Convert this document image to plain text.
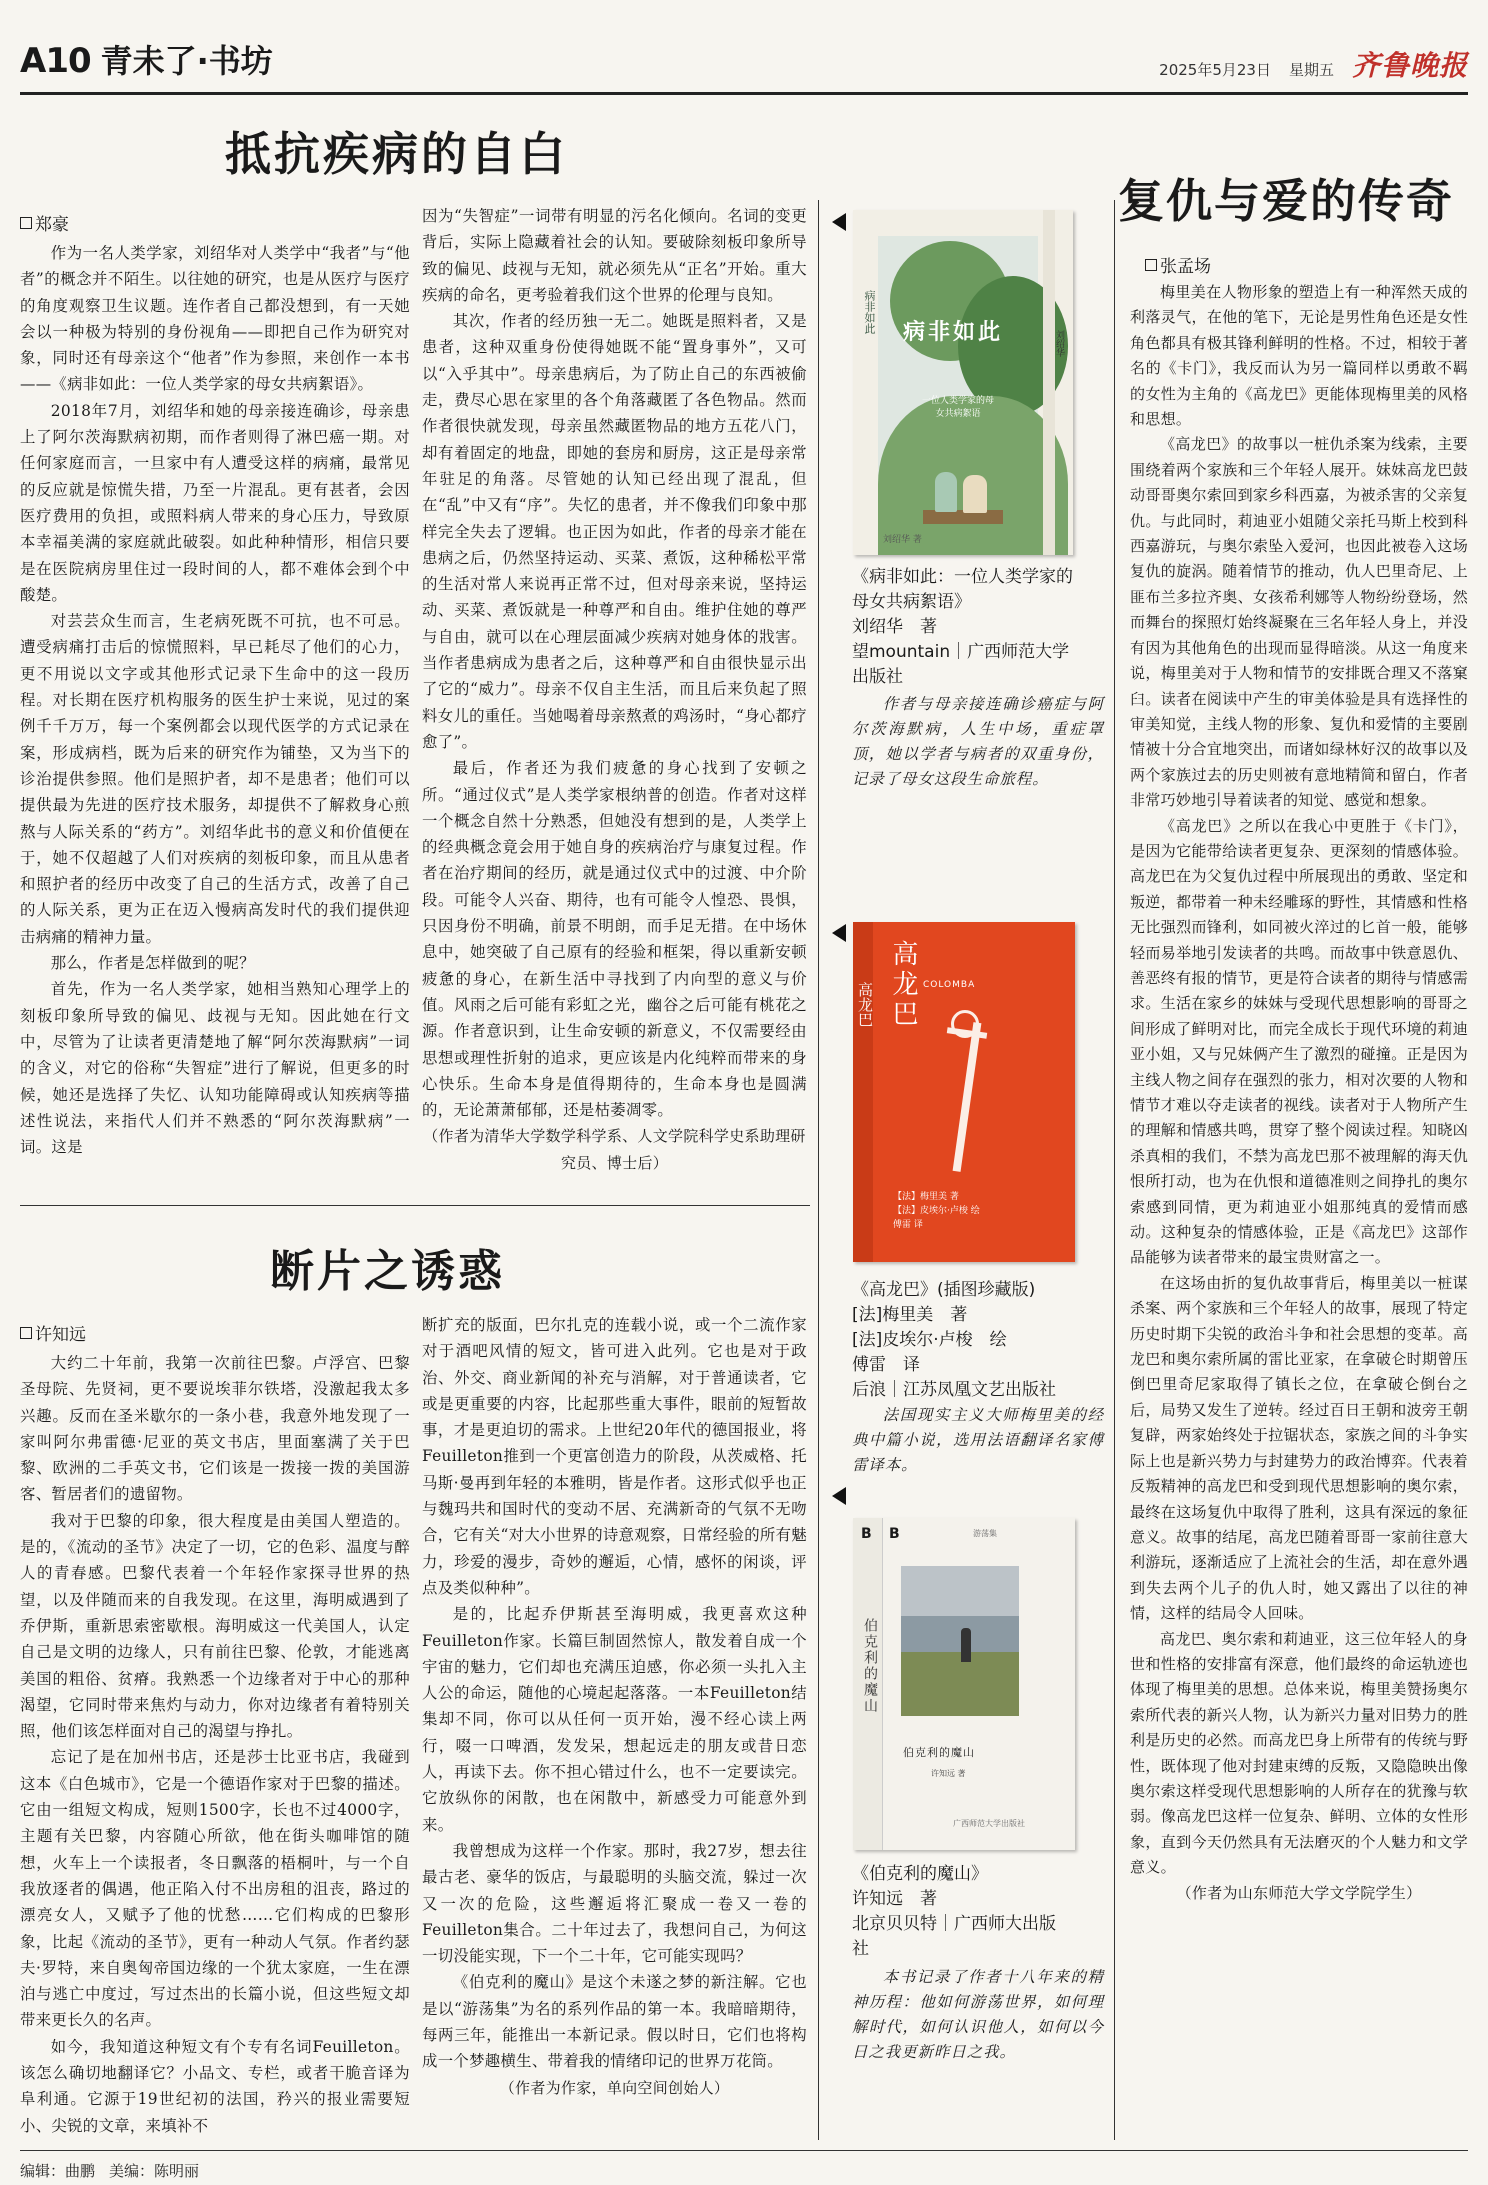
A10 青未了·书坊	2025年5月23日 星期五 齐鲁晚报
抵抗疾病的自白
郑豪

作为一名人类学家，刘绍华对人类学中“我者”与“他者”的概念并不陌生。以往她的研究，也是从医疗与医疗的角度观察卫生议题。连作者自己都没想到，有一天她会以一种极为特别的身份视角——即把自己作为研究对象，同时还有母亲这个“他者”作为参照，来创作一本书——《病非如此：一位人类学家的母女共病絮语》。

2018年7月，刘绍华和她的母亲接连确诊，母亲患上了阿尔茨海默病初期，而作者则得了淋巴癌一期。对任何家庭而言，一旦家中有人遭受这样的病痛，最常见的反应就是惊慌失措，乃至一片混乱。更有甚者，会因医疗费用的负担，或照料病人带来的身心压力，导致原本幸福美满的家庭就此破裂。如此种种情形，相信只要是在医院病房里住过一段时间的人，都不难体会到个中酸楚。

对芸芸众生而言，生老病死既不可抗，也不可忌。遭受病痛打击后的惊慌照料，早已耗尽了他们的心力，更不用说以文字或其他形式记录下生命中的这一段历程。对长期在医疗机构服务的医生护士来说，见过的案例千千万万，每一个案例都会以现代医学的方式记录在案，形成病档，既为后来的研究作为铺垫，又为当下的诊治提供参照。他们是照护者，却不是患者；他们可以提供最为先进的医疗技术服务，却提供不了解救身心煎熬与人际关系的“药方”。刘绍华此书的意义和价值便在于，她不仅超越了人们对疾病的刻板印象，而且从患者和照护者的经历中改变了自己的生活方式，改善了自己的人际关系，更为正在迈入慢病高发时代的我们提供迎击病痛的精神力量。

那么，作者是怎样做到的呢？

首先，作为一名人类学家，她相当熟知心理学上的刻板印象所导致的偏见、歧视与无知。因此她在行文中，尽管为了让读者更清楚地了解“阿尔茨海默病”一词的含义，对它的俗称“失智症”进行了解说，但更多的时候，她还是选择了失忆、认知功能障碍或认知疾病等描述性说法，来指代人们并不熟悉的“阿尔茨海默病”一词。这是

因为“失智症”一词带有明显的污名化倾向。名词的变更背后，实际上隐藏着社会的认知。要破除刻板印象所导致的偏见、歧视与无知，就必须先从“正名”开始。重大疾病的命名，更考验着我们这个世界的伦理与良知。

其次，作者的经历独一无二。她既是照料者，又是患者，这种双重身份使得她既不能“置身事外”，又可以“入乎其中”。母亲患病后，为了防止自己的东西被偷走，费尽心思在家里的各个角落藏匿了各色物品。然而作者很快就发现，母亲虽然藏匿物品的地方五花八门，却有着固定的地盘，即她的套房和厨房，这正是母亲常年驻足的角落。尽管她的认知已经出现了混乱，但在“乱”中又有“序”。失忆的患者，并不像我们印象中那样完全失去了逻辑。也正因为如此，作者的母亲才能在患病之后，仍然坚持运动、买菜、煮饭，这种稀松平常的生活对常人来说再正常不过，但对母亲来说，坚持运动、买菜、煮饭就是一种尊严和自由。维护住她的尊严与自由，就可以在心理层面减少疾病对她身体的戕害。当作者患病成为患者之后，这种尊严和自由很快显示出了它的“威力”。母亲不仅自主生活，而且后来负起了照料女儿的重任。当她喝着母亲熬煮的鸡汤时，“身心都疗愈了”。

最后，作者还为我们疲惫的身心找到了安顿之所。“通过仪式”是人类学家根纳普的创造。作者对这样一个概念自然十分熟悉，但她没有想到的是，人类学上的经典概念竟会用于她自身的疾病治疗与康复过程。作者在治疗期间的经历，就是通过仪式中的过渡、中介阶段。可能令人兴奋、期待，也有可能令人惶恐、畏惧，只因身份不明确，前景不明朗，而手足无措。在中场休息中，她突破了自己原有的经验和框架，得以重新安顿疲惫的身心，在新生活中寻找到了内向型的意义与价值。风雨之后可能有彩虹之光，幽谷之后可能有桃花之源。作者意识到，让生命安顿的新意义，不仅需要经由思想或理性折射的追求，更应该是内化纯粹而带来的身心快乐。生命本身是值得期待的，生命本身也是圆满的，无论萧萧郁郁，还是枯萎凋零。

（作者为清华大学数学科学系、人文学院科学史系助理研究员、博士后）

断片之诱惑
许知远

大约二十年前，我第一次前往巴黎。卢浮宫、巴黎圣母院、先贤祠，更不要说埃菲尔铁塔，没激起我太多兴趣。反而在圣米歇尔的一条小巷，我意外地发现了一家叫阿尔弗雷德·尼亚的英文书店，里面塞满了关于巴黎、欧洲的二手英文书，它们该是一拨接一拨的美国游客、暂居者们的遗留物。

我对于巴黎的印象，很大程度是由美国人塑造的。是的，《流动的圣节》决定了一切，它的色彩、温度与醉人的青春感。巴黎代表着一个年轻作家探寻世界的热望，以及伴随而来的自我发现。在这里，海明威遇到了乔伊斯，重新思索密歇根。海明威这一代美国人，认定自己是文明的边缘人，只有前往巴黎、伦敦，才能逃离美国的粗俗、贫瘠。我熟悉一个边缘者对于中心的那种渴望，它同时带来焦灼与动力，你对边缘者有着特别关照，他们该怎样面对自己的渴望与挣扎。

忘记了是在加州书店，还是莎士比亚书店，我碰到这本《白色城市》，它是一个德语作家对于巴黎的描述。它由一组短文构成，短则1500字，长也不过4000字，主题有关巴黎，内容随心所欲，他在街头咖啡馆的随想，火车上一个读报者，冬日飘落的梧桐叶，与一个自我放逐者的偶遇，他正陷入付不出房租的沮丧，路过的漂亮女人，又赋予了他的忧愁……它们构成的巴黎形象，比起《流动的圣节》，更有一种动人气氛。作者约瑟夫·罗特，来自奥匈帝国边缘的一个犹太家庭，一生在漂泊与逃亡中度过，写过杰出的长篇小说，但这些短文却带来更长久的名声。

如今，我知道这种短文有个专有名词Feuilleton。该怎么确切地翻译它？小品文、专栏，或者干脆音译为阜利通。它源于19世纪初的法国，矜兴的报业需要短小、尖锐的文章，来填补不

断扩充的版面，巴尔扎克的连载小说，或一个二流作家对于酒吧风情的短文，皆可进入此列。它也是对于政治、外交、商业新闻的补充与消解，对于普通读者，它或是更重要的内容，比起那些重大事件，眼前的短暂故事，才是更迫切的需求。上世纪20年代的德国报业，将Feuilleton推到一个更富创造力的阶段，从茨威格、托马斯·曼再到年轻的本雅明，皆是作者。这形式似乎也正与魏玛共和国时代的变动不居、充满新奇的气氛不无吻合，它有关“对大小世界的诗意观察，日常经验的所有魅力，珍爱的漫步，奇妙的邂逅，心情，感怀的闲谈，评点及类似种种”。

是的，比起乔伊斯甚至海明威，我更喜欢这种Feuilleton作家。长篇巨制固然惊人，散发着自成一个宇宙的魅力，它们却也充满压迫感，你必须一头扎入主人公的命运，随他的心境起起落落。一本Feuilleton结集却不同，你可以从任何一页开始，漫不经心读上两行，啜一口啤酒，发发呆，想起远走的朋友或昔日恋人，再读下去。你不担心错过什么，也不一定要读完。它放纵你的闲散，也在闲散中，新感受力可能意外到来。

我曾想成为这样一个作家。那时，我27岁，想去往最古老、豪华的饭店，与最聪明的头脑交流，躲过一次又一次的危险，这些邂逅将汇聚成一卷又一卷的Feuilleton集合。二十年过去了，我想问自己，为何这一切没能实现，下一个二十年，它可能实现吗？

《伯克利的魔山》是这个未遂之梦的新注解。它也是以“游荡集”为名的系列作品的第一本。我暗暗期待，每两三年，能推出一本新记录。假以时日，它们也将构成一个梦趣横生、带着我的情绪印记的世界万花筒。

（作者为作家，单向空间创始人）

病非如此
一位人类学家的母女共病絮语
病非如此
刘绍华
刘绍华 著
《病非如此：一位人类学家的
母女共病絮语》
刘绍华　著
望mountain｜广西师范大学
出版社

作者与母亲接连确诊癌症与阿尔茨海默病，人生中场，重症罩顶，她以学者与病者的双重身份，记录了母女这段生命旅程。

高龙巴 高龙巴 COLOMBA
【法】梅里美 著
【法】皮埃尔·卢梭 绘
傅雷 译
《高龙巴》(插图珍藏版)
[法]梅里美　著
[法]皮埃尔·卢梭　绘
傅雷　译
后浪｜江苏凤凰文艺出版社

法国现实主义大师梅里美的经典中篇小说，选用法语翻译名家傅雷译本。

B B
伯克利的魔山
游荡集
伯克利的魔山
许知远 著
广西师范大学出版社
《伯克利的魔山》
许知远　著
北京贝贝特｜广西师大出版
社

本书记录了作者十八年来的精神历程：他如何游荡世界，如何理解时代，如何认识他人，如何以今日之我更新昨日之我。

复仇与爱的传奇
张孟场

梅里美在人物形象的塑造上有一种浑然天成的利落灵气，在他的笔下，无论是男性角色还是女性角色都具有极其锋利鲜明的性格。不过，相较于著名的《卡门》，我反而认为另一篇同样以勇敢不羁的女性为主角的《高龙巴》更能体现梅里美的风格和思想。

《高龙巴》的故事以一桩仇杀案为线索，主要围绕着两个家族和三个年轻人展开。妹妹高龙巴鼓动哥哥奥尔索回到家乡科西嘉，为被杀害的父亲复仇。与此同时，莉迪亚小姐随父亲托马斯上校到科西嘉游玩，与奥尔索坠入爱河，也因此被卷入这场复仇的旋涡。随着情节的推动，仇人巴里奇尼、上匪布兰多拉齐奥、女孩希利娜等人物纷纷登场，然而舞台的探照灯始终凝聚在三名年轻人身上，并没有因为其他角色的出现而显得暗淡。从这一角度来说，梅里美对于人物和情节的安排既合理又不落窠臼。读者在阅读中产生的审美体验是具有选择性的审美知觉，主线人物的形象、复仇和爱情的主要剧情被十分合宜地突出，而诸如绿林好汉的故事以及两个家族过去的历史则被有意地精简和留白，作者非常巧妙地引导着读者的知觉、感觉和想象。

《高龙巴》之所以在我心中更胜于《卡门》，是因为它能带给读者更复杂、更深刻的情感体验。高龙巴在为父复仇过程中所展现出的勇敢、坚定和叛逆，都带着一种未经雕琢的野性，其情感和性格无比强烈而锋利，如同被火淬过的匕首一般，能够轻而易举地引发读者的共鸣。而故事中铁意恩仇、善恶终有报的情节，更是符合读者的期待与情感需求。生活在家乡的妹妹与受现代思想影响的哥哥之间形成了鲜明对比，而完全成长于现代环境的莉迪亚小姐，又与兄妹俩产生了激烈的碰撞。正是因为主线人物之间存在强烈的张力，相对次要的人物和情节才难以夺走读者的视线。读者对于人物所产生的理解和情感共鸣，贯穿了整个阅读过程。知晓凶杀真相的我们，不禁为高龙巴那不被理解的海天仇恨所打动，也为在仇恨和道德准则之间挣扎的奥尔索感到同情，更为莉迪亚小姐那纯真的爱情而感动。这种复杂的情感体验，正是《高龙巴》这部作品能够为读者带来的最宝贵财富之一。

在这场由折的复仇故事背后，梅里美以一桩谋杀案、两个家族和三个年轻人的故事，展现了特定历史时期下尖锐的政治斗争和社会思想的变革。高龙巴和奥尔索所属的雷比亚家，在拿破仑时期曾压倒巴里奇尼家取得了镇长之位，在拿破仑倒台之后，局势又发生了逆转。经过百日王朝和波旁王朝复辟，两家始终处于拉锯状态，家族之间的斗争实际上也是新兴势力与封建势力的政治博弈。代表着反叛精神的高龙巴和受到现代思想影响的奥尔索，最终在这场复仇中取得了胜利，这具有深远的象征意义。故事的结尾，高龙巴随着哥哥一家前往意大利游玩，逐渐适应了上流社会的生活，却在意外遇到失去两个儿子的仇人时，她又露出了以往的神情，这样的结局令人回味。

高龙巴、奥尔索和莉迪亚，这三位年轻人的身世和性格的安排富有深意，他们最终的命运轨迹也体现了梅里美的思想。总体来说，梅里美赞扬奥尔索所代表的新兴人物，认为新兴力量对旧势力的胜利是历史的必然。而高龙巴身上所带有的传统与野性，既体现了他对封建束缚的反叛，又隐隐映出像奥尔索这样受现代思想影响的人所存在的犹豫与软弱。像高龙巴这样一位复杂、鲜明、立体的女性形象，直到今天仍然具有无法磨灭的个人魅力和文学意义。

（作者为山东师范大学文学院学生）

编辑：曲鹏 美编：陈明丽
